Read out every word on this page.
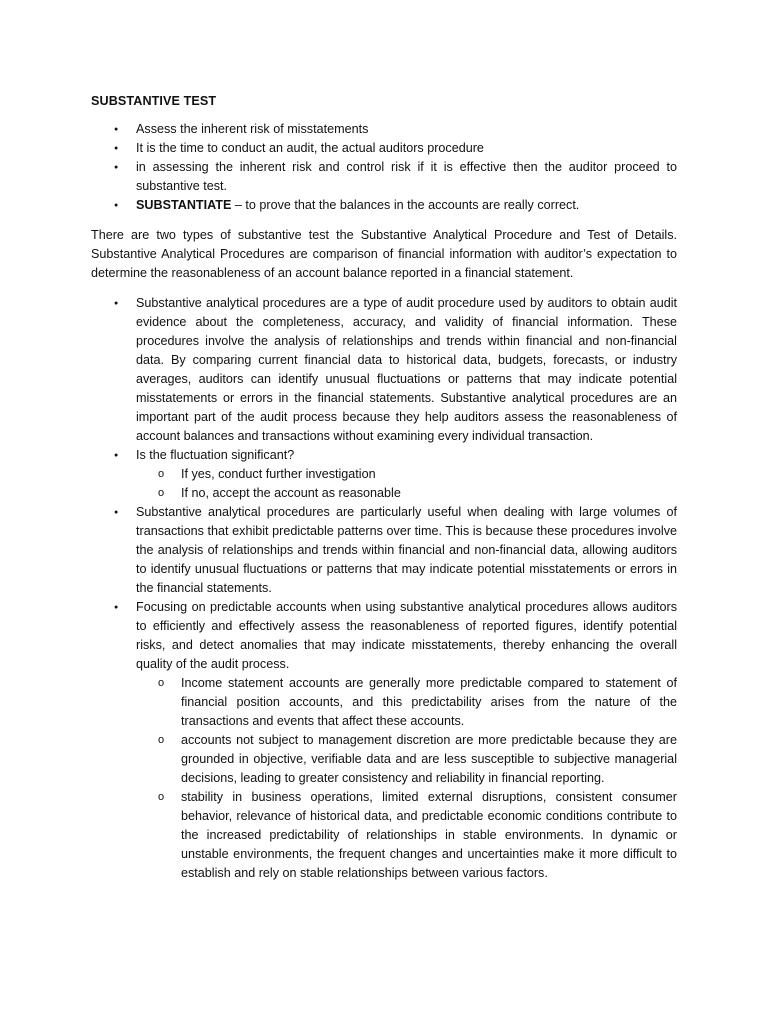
SUBSTANTIVE TEST
● Assess the inherent risk of misstatements
● It is the time to conduct an audit, the actual auditors procedure
● in assessing the inherent risk and control risk if it is effective then the auditor proceed to substantive test.
● SUBSTANTIATE – to prove that the balances in the accounts are really correct.

There are two types of substantive test the Substantive Analytical Procedure and Test of Details. Substantive Analytical Procedures are comparison of financial information with auditor’s expectation to determine the reasonableness of an account balance reported in a financial statement.

● Substantive analytical procedures are a type of audit procedure used by auditors to obtain audit evidence about the completeness, accuracy, and validity of financial information. These procedures involve the analysis of relationships and trends within financial and non-financial data. By comparing current financial data to historical data, budgets, forecasts, or industry averages, auditors can identify unusual fluctuations or patterns that may indicate potential misstatements or errors in the financial statements. Substantive analytical procedures are an important part of the audit process because they help auditors assess the reasonableness of account balances and transactions without examining every individual transaction.
● Is the fluctuation significant?
o If yes, conduct further investigation
o If no, accept the account as reasonable
● Substantive analytical procedures are particularly useful when dealing with large volumes of transactions that exhibit predictable patterns over time. This is because these procedures involve the analysis of relationships and trends within financial and non-financial data, allowing auditors to identify unusual fluctuations or patterns that may indicate potential misstatements or errors in the financial statements.
● Focusing on predictable accounts when using substantive analytical procedures allows auditors to efficiently and effectively assess the reasonableness of reported figures, identify potential risks, and detect anomalies that may indicate misstatements, thereby enhancing the overall quality of the audit process.
o Income statement accounts are generally more predictable compared to statement of financial position accounts, and this predictability arises from the nature of the transactions and events that affect these accounts.
o accounts not subject to management discretion are more predictable because they are grounded in objective, verifiable data and are less susceptible to subjective managerial decisions, leading to greater consistency and reliability in financial reporting.
o stability in business operations, limited external disruptions, consistent consumer behavior, relevance of historical data, and predictable economic conditions contribute to the increased predictability of relationships in stable environments. In dynamic or unstable environments, the frequent changes and uncertainties make it more difficult to establish and rely on stable relationships between various factors.
